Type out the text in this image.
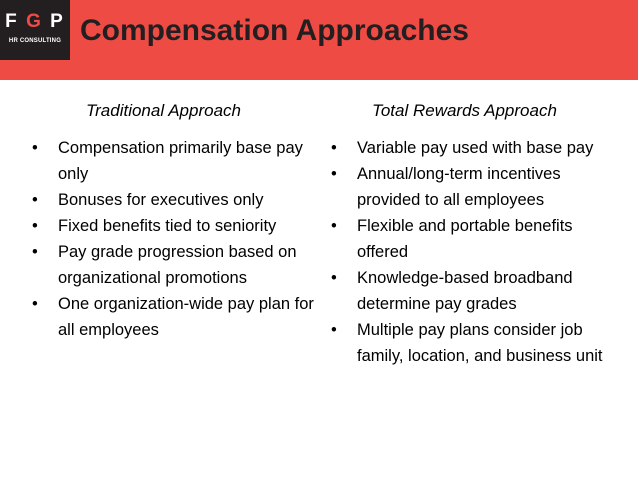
F G P
HR CONSULTING Compensation Approaches
Traditional Approach	Total Rewards Approach
• Compensation primarily base pay only
• Bonuses for executives only
• Fixed benefits tied to seniority
• Pay grade progression based on organizational promotions
• One organization-wide pay plan for all employees
• Variable pay used with base pay
• Annual/long-term incentives provided to all employees
• Flexible and portable benefits offered
• Knowledge-based broadband determine pay grades
• Multiple pay plans consider job family, location, and business unit
